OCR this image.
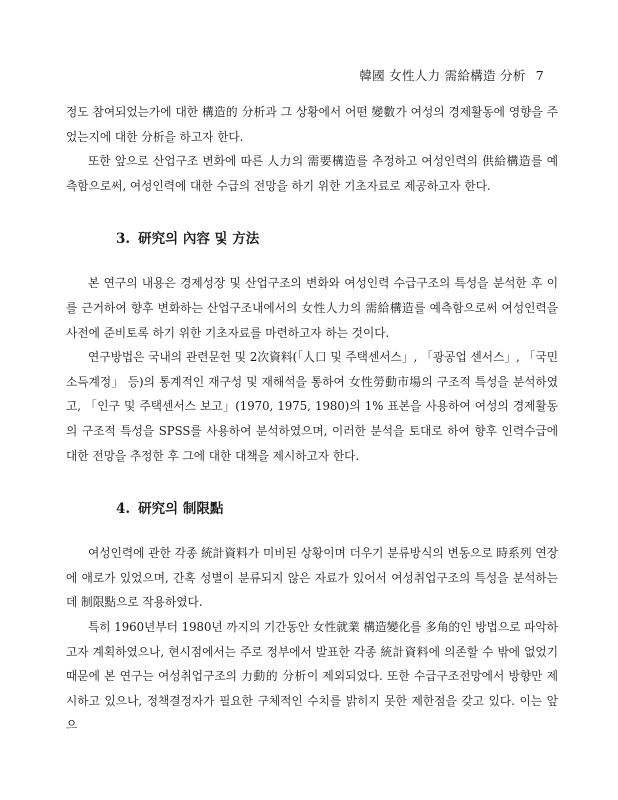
韓國 女性人力 需給構造 分析 7

정도 참여되었는가에 대한 構造的 分析과 그 상황에서 어떤 變數가 여성의 경제활동에 영향을 주었는지에 대한 分析을 하고자 한다.

또한 앞으로 산업구조 변화에 따른 人力의 需要構造를 추정하고 여성인력의 供給構造를 예측함으로써, 여성인력에 대한 수급의 전망을 하기 위한 기초자료로 제공하고자 한다.

3. 研究의 內容 및 方法

본 연구의 내용은 경제성장 및 산업구조의 변화와 여성인력 수급구조의 특성을 분석한 후 이를 근거하여 향후 변화하는 산업구조내에서의 女性人力의 需給構造를 예측함으로써 여성인력을 사전에 준비토록 하기 위한 기초자료를 마련하고자 하는 것이다.

연구방법은 국내의 관련문헌 및 2次資料(「人口 및 주택센서스」, 「광공업 센서스」, 「국민소득계정」 등)의 통계적인 재구성 및 재해석을 통하여 女性勞動市場의 구조적 특성을 분석하였고, 「인구 및 주택센서스 보고」(1970, 1975, 1980)의 1% 표본을 사용하여 여성의 경제활동의 구조적 특성을 SPSS를 사용하여 분석하였으며, 이러한 분석을 토대로 하여 향후 인력수급에 대한 전망을 추정한 후 그에 대한 대책을 제시하고자 한다.

4. 研究의 制限點

여성인력에 관한 각종 統計資料가 미비된 상황이며 더우기 분류방식의 변동으로 時系列 연장에 애로가 있었으며, 간혹 성별이 분류되지 않은 자료가 있어서 여성취업구조의 특성을 분석하는데 制限點으로 작용하였다.

특히 1960년부터 1980년 까지의 기간동안 女性就業 構造變化를 多角的인 방법으로 파악하고자 계획하였으나, 현시점에서는 주로 정부에서 발표한 각종 統計資料에 의존할 수 밖에 없었기 때문에 본 연구는 여성취업구조의 力動的 分析이 제외되었다. 또한 수급구조전망에서 방향만 제시하고 있으나, 정책결정자가 필요한 구체적인 수치를 밝히지 못한 제한점을 갖고 있다. 이는 앞으
